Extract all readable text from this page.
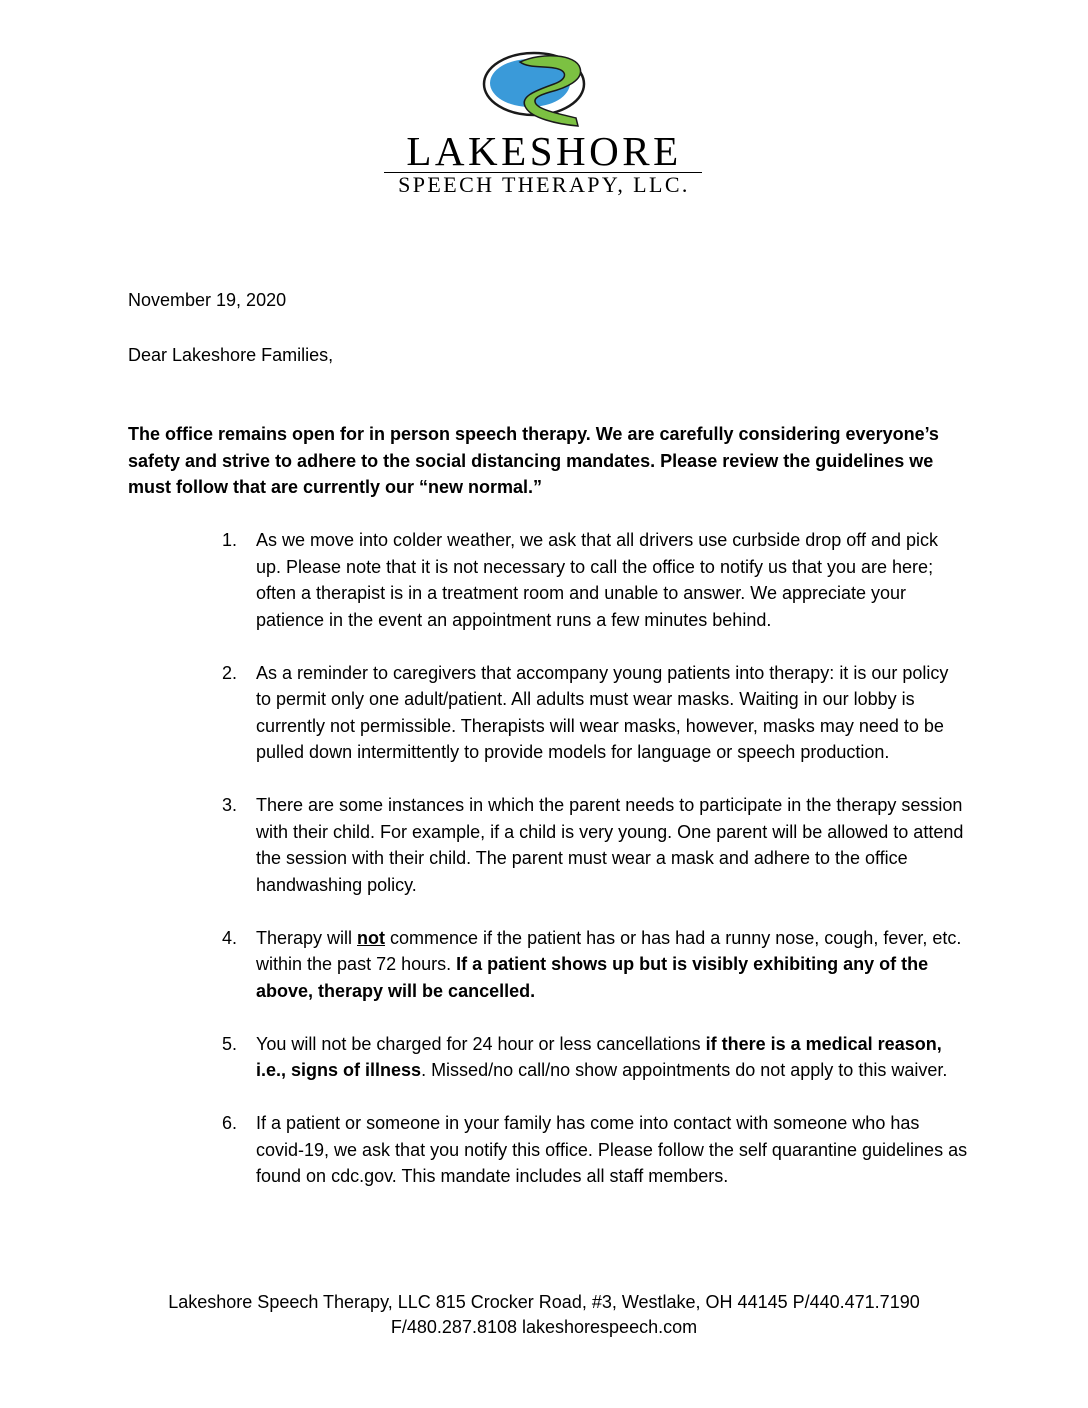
LAKESHORE
SPEECH THERAPY, LLC.
November 19, 2020
Dear Lakeshore Families,
The office remains open for in person speech therapy. We are carefully considering everyone’s safety and strive to adhere to the social distancing mandates. Please review the guidelines we must follow that are currently our “new normal.”
1. As we move into colder weather, we ask that all drivers use curbside drop off and pick up. Please note that it is not necessary to call the office to notify us that you are here; often a therapist is in a treatment room and unable to answer. We appreciate your patience in the event an appointment runs a few minutes behind.
2. As a reminder to caregivers that accompany young patients into therapy: it is our policy to permit only one adult/patient. All adults must wear masks. Waiting in our lobby is currently not permissible. Therapists will wear masks, however, masks may need to be pulled down intermittently to provide models for language or speech production.
3. There are some instances in which the parent needs to participate in the therapy session with their child. For example, if a child is very young. One parent will be allowed to attend the session with their child. The parent must wear a mask and adhere to the office handwashing policy.
4. Therapy will not commence if the patient has or has had a runny nose, cough, fever, etc. within the past 72 hours. If a patient shows up but is visibly exhibiting any of the above, therapy will be cancelled.
5. You will not be charged for 24 hour or less cancellations if there is a medical reason, i.e., signs of illness. Missed/no call/no show appointments do not apply to this waiver.
6. If a patient or someone in your family has come into contact with someone who has covid-19, we ask that you notify this office. Please follow the self quarantine guidelines as found on cdc.gov. This mandate includes all staff members.
Lakeshore Speech Therapy, LLC 815 Crocker Road, #3, Westlake, OH 44145 P/440.471.7190
F/480.287.8108 lakeshorespeech.com
